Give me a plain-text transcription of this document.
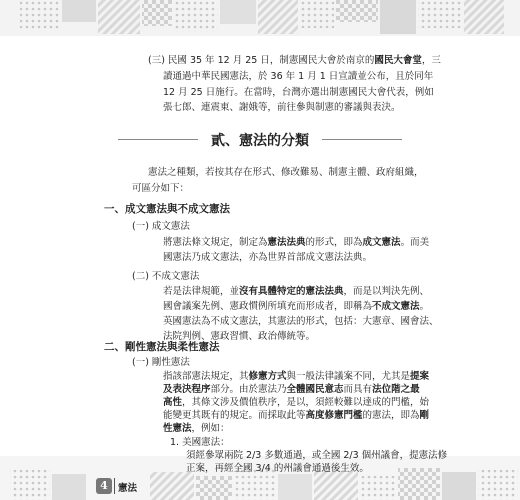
(三) 民國 35 年 12 月 25 日，制憲國民大會於南京的國民大會堂，三
讀通過中華民國憲法，於 36 年 1 月 1 日宣讀並公布，且於同年
12 月 25 日施行。在當時，台灣亦選出制憲國民大會代表，例如
張七郎、連震東、謝娥等，前往參與制憲的審議與表決。
貳、憲法的分類
憲法之種類，若按其存在形式、修改難易、制憲主體、政府組織，
可區分如下：
一、成文憲法與不成文憲法
(一) 成文憲法
將憲法條文規定，制定為憲法法典的形式，即為成文憲法。而美
國憲法乃成文憲法，亦為世界首部成文憲法法典。
(二) 不成文憲法
若是法律規範，並沒有具體特定的憲法法典，而是以判決先例、
國會議案先例、憲政慣例所填充而形成者，即稱為不成文憲法。
英國憲法為不成文憲法，其憲法的形式，包括：大憲章、國會法、
法院判例、憲政習慣、政治傳統等。
二、剛性憲法與柔性憲法
(一) 剛性憲法
指該部憲法規定，其修憲方式與一般法律議案不同，尤其是提案
及表決程序部分。由於憲法乃全體國民意志而具有法位階之最
高性，其條文涉及價值秩序，是以，須經較難以達成的門檻，始
能變更其既有的規定。而採取此等高度修憲門檻的憲法，即為剛
性憲法，例如：
1. 美國憲法：
須經參眾兩院 2/3 多數通過，或全國 2/3 個州議會，提憲法修
正案，再經全國 3/4 的州議會通過後生效。
4	憲法
